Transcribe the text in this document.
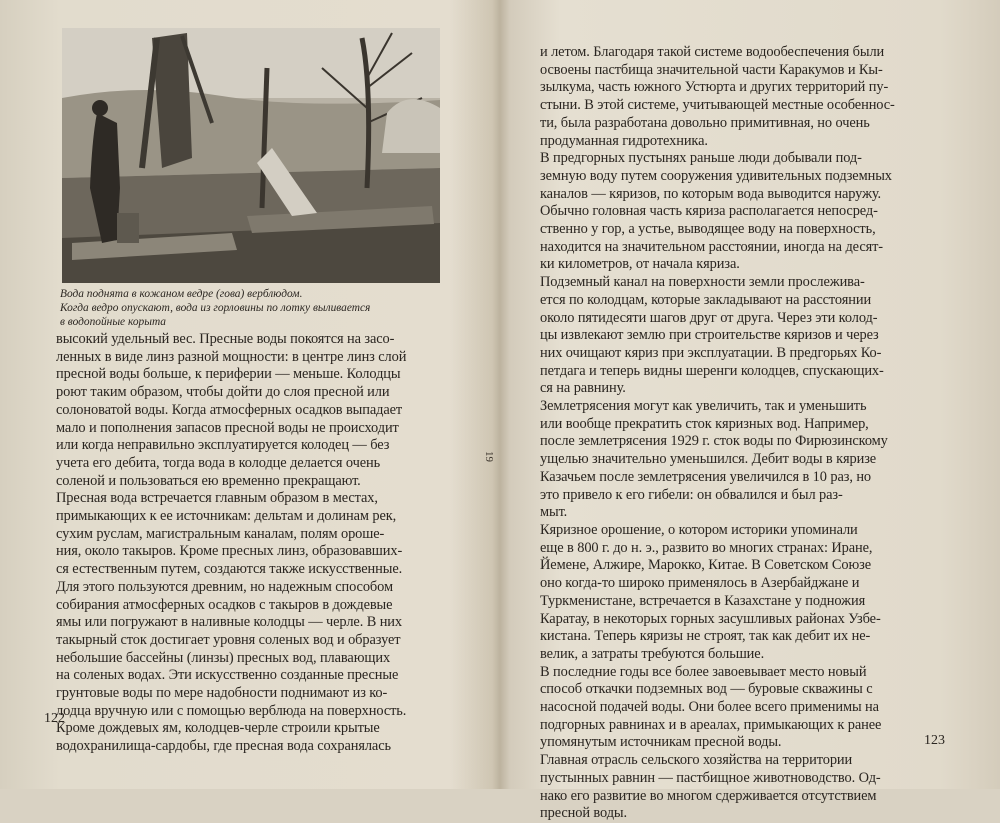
Вода поднята в кожаном ведре (гова) верблюдом.
Когда ведро опускают, вода из горловины по лотку выливается
в водопойные корыта
высокий удельный вес. Пресные воды покоятся на засо-
ленных в виде линз разной мощности: в центре линз слой
пресной воды больше, к периферии — меньше. Колодцы
роют таким образом, чтобы дойти до слоя пресной или
солоноватой воды. Когда атмосферных осадков выпадает
мало и пополнения запасов пресной воды не происходит
или когда неправильно эксплуатируется колодец — без
учета его дебита, тогда вода в колодце делается очень
соленой и пользоваться ею временно прекращают.
Пресная вода встречается главным образом в местах,
примыкающих к ее источникам: дельтам и долинам рек,
сухим руслам, магистральным каналам, полям ороше-
ния, около такыров. Кроме пресных линз, образовавших-
ся естественным путем, создаются также искусственные.
Для этого пользуются древним, но надежным способом
собирания атмосферных осадков с такыров в дождевые
ямы или погружают в наливные колодцы — черле. В них
такырный сток достигает уровня соленых вод и образует
небольшие бассейны (линзы) пресных вод, плавающих
на соленых водах. Эти искусственно созданные пресные
грунтовые воды по мере надобности поднимают из ко-
лодца вручную или с помощью верблюда на поверхность.
Кроме дождевых ям, колодцев-черле строили крытые
водохранилища-сардобы, где пресная вода сохранялась
122
19
и летом. Благодаря такой системе водообеспечения были
освоены пастбища значительной части Каракумов и Кы-
зылкума, часть южного Устюрта и других территорий пу-
стыни. В этой системе, учитывающей местные особеннос-
ти, была разработана довольно примитивная, но очень
продуманная гидротехника.
В предгорных пустынях раньше люди добывали под-
земную воду путем сооружения удивительных подземных
каналов — кяризов, по которым вода выводится наружу.
Обычно головная часть кяриза располагается непосред-
ственно у гор, а устье, выводящее воду на поверхность,
находится на значительном расстоянии, иногда на десят-
ки километров, от начала кяриза.
Подземный канал на поверхности земли прослежива-
ется по колодцам, которые закладывают на расстоянии
около пятидесяти шагов друг от друга. Через эти колод-
цы извлекают землю при строительстве кяризов и через
них очищают кяриз при эксплуатации. В предгорьях Ко-
петдага и теперь видны шеренги колодцев, спускающих-
ся на равнину.
Землетрясения могут как увеличить, так и уменьшить
или вообще прекратить сток кяризных вод. Например,
после землетрясения 1929 г. сток воды по Фирюзинскому
ущелью значительно уменьшился. Дебит воды в кяризе
Казачьем после землетрясения увеличился в 10 раз, но
это привело к его гибели: он обвалился и был раз-
мыт.
Кяризное орошение, о котором историки упоминали
еще в 800 г. до н. э., развито во многих странах: Иране,
Йемене, Алжире, Марокко, Китае. В Советском Союзе
оно когда-то широко применялось в Азербайджане и
Туркменистане, встречается в Казахстане у подножия
Каратау, в некоторых горных засушливых районах Узбе-
кистана. Теперь кяризы не строят, так как дебит их не-
велик, а затраты требуются большие.
В последние годы все более завоевывает место новый
способ откачки подземных вод — буровые скважины с
насосной подачей воды. Они более всего применимы на
подгорных равнинах и в ареалах, примыкающих к ранее
упомянутым источникам пресной воды.
Главная отрасль сельского хозяйства на территории
пустынных равнин — пастбищное животноводство. Од-
нако его развитие во многом сдерживается отсутствием
пресной воды.
123
